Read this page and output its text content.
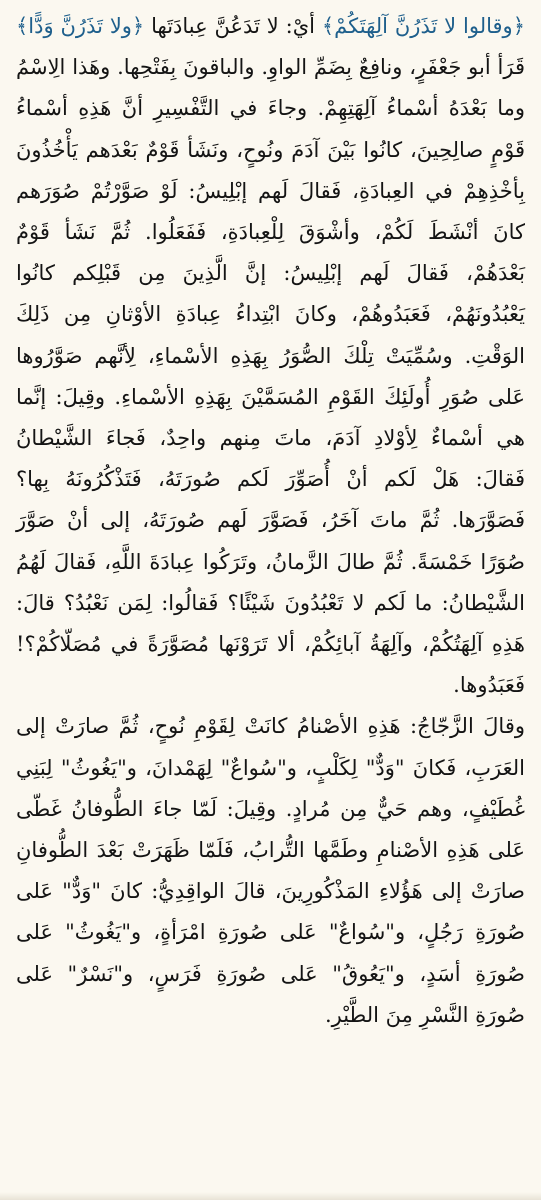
﴿وقالوا لا تَذَرُنَّ آلِهَتَكُمْ﴾ أيْ: لا تَدَعُنَّ عِبادَتَها ﴿ولا تَذَرُنَّ وَدًّا﴾ قَرَأ أبو جَعْفَرٍ، ونافِعٌ بِضَمِّ الواوِ. والباقونَ بِفَتْحِها. وهَذا الِاسْمُ وما بَعْدَهُ أسْماءُ آلِهَتِهِمْ. وجاءَ في التَّفْسِيرِ أنَّ هَذِهِ أسْماءُ قَوْمٍ صالِحِينَ، كانُوا بَيْنَ آدَمَ ونُوحٍ، ونَشَأ قَوْمٌ بَعْدَهم يَأْخُذُونَ بِأخْذِهِمْ في العِبادَةِ، فَقالَ لَهم إبْلِيسُ: لَوْ صَوَّرْتُمْ صُوَرَهم كانَ أنْشَطَ لَكُمْ، وأشْوَقَ لِلْعِبادَةِ، فَفَعَلُوا. ثُمَّ نَشَأ قَوْمٌ بَعْدَهُمْ، فَقالَ لَهم إبْلِيسُ: إنَّ الَّذِينَ مِن قَبْلِكم كانُوا يَعْبُدُونَهُمْ، فَعَبَدُوهُمْ، وكانَ ابْتِداءُ عِبادَةِ الأوْثانِ مِن ذَلِكَ الوَقْتِ. وسُمِّيَتْ تِلْكَ الصُّوَرُ بِهَذِهِ الأسْماءِ، لِأنَّهم صَوَّرُوها عَلى صُوَرِ أُولَئِكَ القَوْمِ المُسَمَّيْنَ بِهَذِهِ الأسْماءِ. وقِيلَ: إنَّما هي أسْماءٌ لِأوْلادِ آدَمَ، ماتَ مِنهم واحِدٌ، فَجاءَ الشَّيْطانُ فَقالَ: هَلْ لَكم أنْ أُصَوِّرَ لَكم صُورَتَهُ، فَتَذْكُرُونَهُ بِها؟ فَصَوَّرَها. ثُمَّ ماتَ آخَرُ، فَصَوَّرَ لَهم صُورَتَهُ، إلى أنْ صَوَّرَ صُوَرًا خَمْسَةً. ثُمَّ طالَ الزَّمانُ، وتَرَكُوا عِبادَةَ اللَّهِ، فَقالَ لَهُمُ الشَّيْطانُ: ما لَكم لا تَعْبُدُونَ شَيْئًا؟ فَقالُوا: لِمَن نَعْبُدُ؟ قالَ: هَذِهِ آلِهَتُكُمْ، وآلِهَةُ آبائِكُمْ، ألا تَرَوْنَها مُصَوَّرَةً في مُصَلّاكُمْ؟! فَعَبَدُوها.

وقالَ الزَّجّاجُ: هَذِهِ الأصْنامُ كانَتْ لِقَوْمِ نُوحٍ، ثُمَّ صارَتْ إلى العَرَبِ، فَكانَ "وَدٌّ" لِكَلْبٍ، و"سُواعٌ" لِهَمْدانَ، و"يَغُوثُ" لِبَنِي غُطَيْفٍ، وهم حَيٌّ مِن مُرادٍ. وقِيلَ: لَمّا جاءَ الطُّوفانُ غَطّى عَلى هَذِهِ الأصْنامِ وطَمَّها التُّرابُ، فَلَمّا ظَهَرَتْ بَعْدَ الطُّوفانِ صارَتْ إلى هَؤُلاءِ المَذْكُورِينَ، قالَ الواقِدِيُّ: كانَ "وَدٌّ" عَلى صُورَةِ رَجُلٍ، و"سُواعٌ" عَلى صُورَةِ امْرَأةٍ، و"يَغُوثُ" عَلى صُورَةِ أسَدٍ، و"يَعُوقُ" عَلى صُورَةِ فَرَسٍ، و"نَسْرٌ" عَلى صُورَةِ النَّسْرِ مِنَ الطَّيْرِ.
